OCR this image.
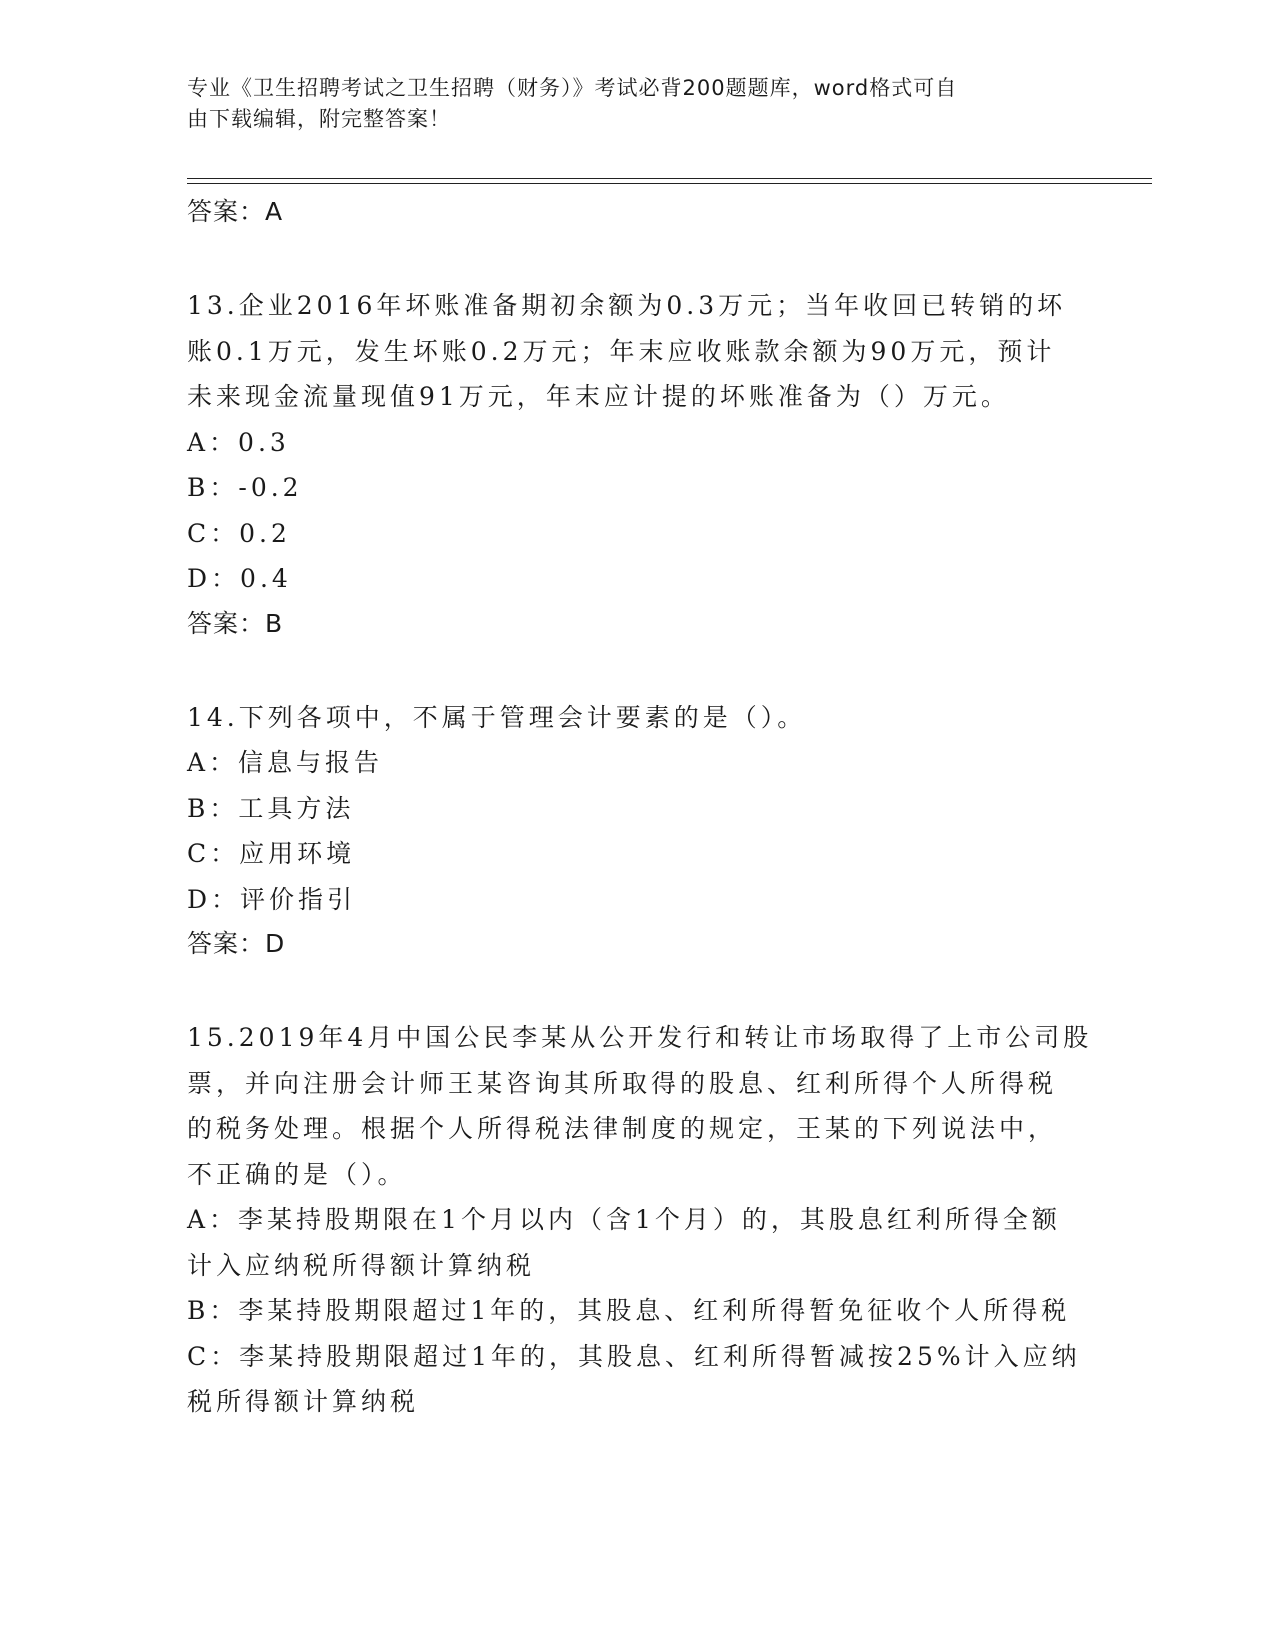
专业《卫生招聘考试之卫生招聘（财务）》考试必背200题题库，word格式可自
由下载编辑，附完整答案！
答案：A
13.企业2016年坏账准备期初余额为0.3万元；当年收回已转销的坏
账0.1万元，发生坏账0.2万元；年末应收账款余额为90万元，预计
未来现金流量现值91万元，年末应计提的坏账准备为（）万元。
A：0.3
B：-0.2
C：0.2
D：0.4
答案：B
14.下列各项中，不属于管理会计要素的是（）。
A：信息与报告
B：工具方法
C：应用环境
D：评价指引
答案：D
15.2019年4月中国公民李某从公开发行和转让市场取得了上市公司股
票，并向注册会计师王某咨询其所取得的股息、红利所得个人所得税
的税务处理。根据个人所得税法律制度的规定，王某的下列说法中，
不正确的是（）。
A：李某持股期限在1个月以内（含1个月）的，其股息红利所得全额
计入应纳税所得额计算纳税
B：李某持股期限超过1年的，其股息、红利所得暂免征收个人所得税
C：李某持股期限超过1年的，其股息、红利所得暂减按25%计入应纳
税所得额计算纳税
